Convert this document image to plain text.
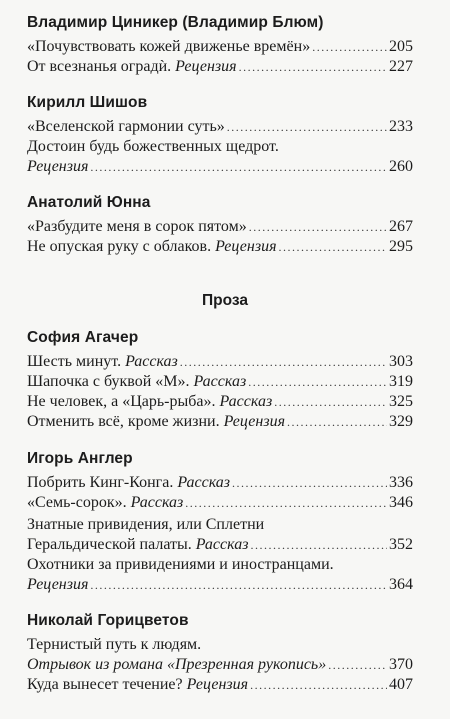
Владимир Циникер (Владимир Блюм)
«Почувствовать кожей движенье времён» .....	205
От всезнанья оградѝ. Рецензия .....	227
Кирилл Шишов
«Вселенской гармонии суть» .....	233
Достоин будь божественных щедрот.
Рецензия .....	260
Анатолий Юнна
«Разбудите меня в сорок пятом» .....	267
Не опуская руку с облаков. Рецензия .....	295
Проза
София Агачер
Шесть минут. Рассказ .....	303
Шапочка с буквой «М». Рассказ .....	319
Не человек, а «Царь-рыба». Рассказ .....	325
Отменить всё, кроме жизни. Рецензия .....	329
Игорь Англер
Побрить Кинг-Конга. Рассказ .....	336
«Семь-сорок». Рассказ .....	346
Знатные привидения, или Сплетни
Геральдической палаты. Рассказ .....	352
Охотники за привидениями и иностранцами.
Рецензия .....	364
Николай Горицветов
Тернистый путь к людям.
Отрывок из романа «Презренная рукопись» .....	370
Куда вынесет течение? Рецензия .....	407
